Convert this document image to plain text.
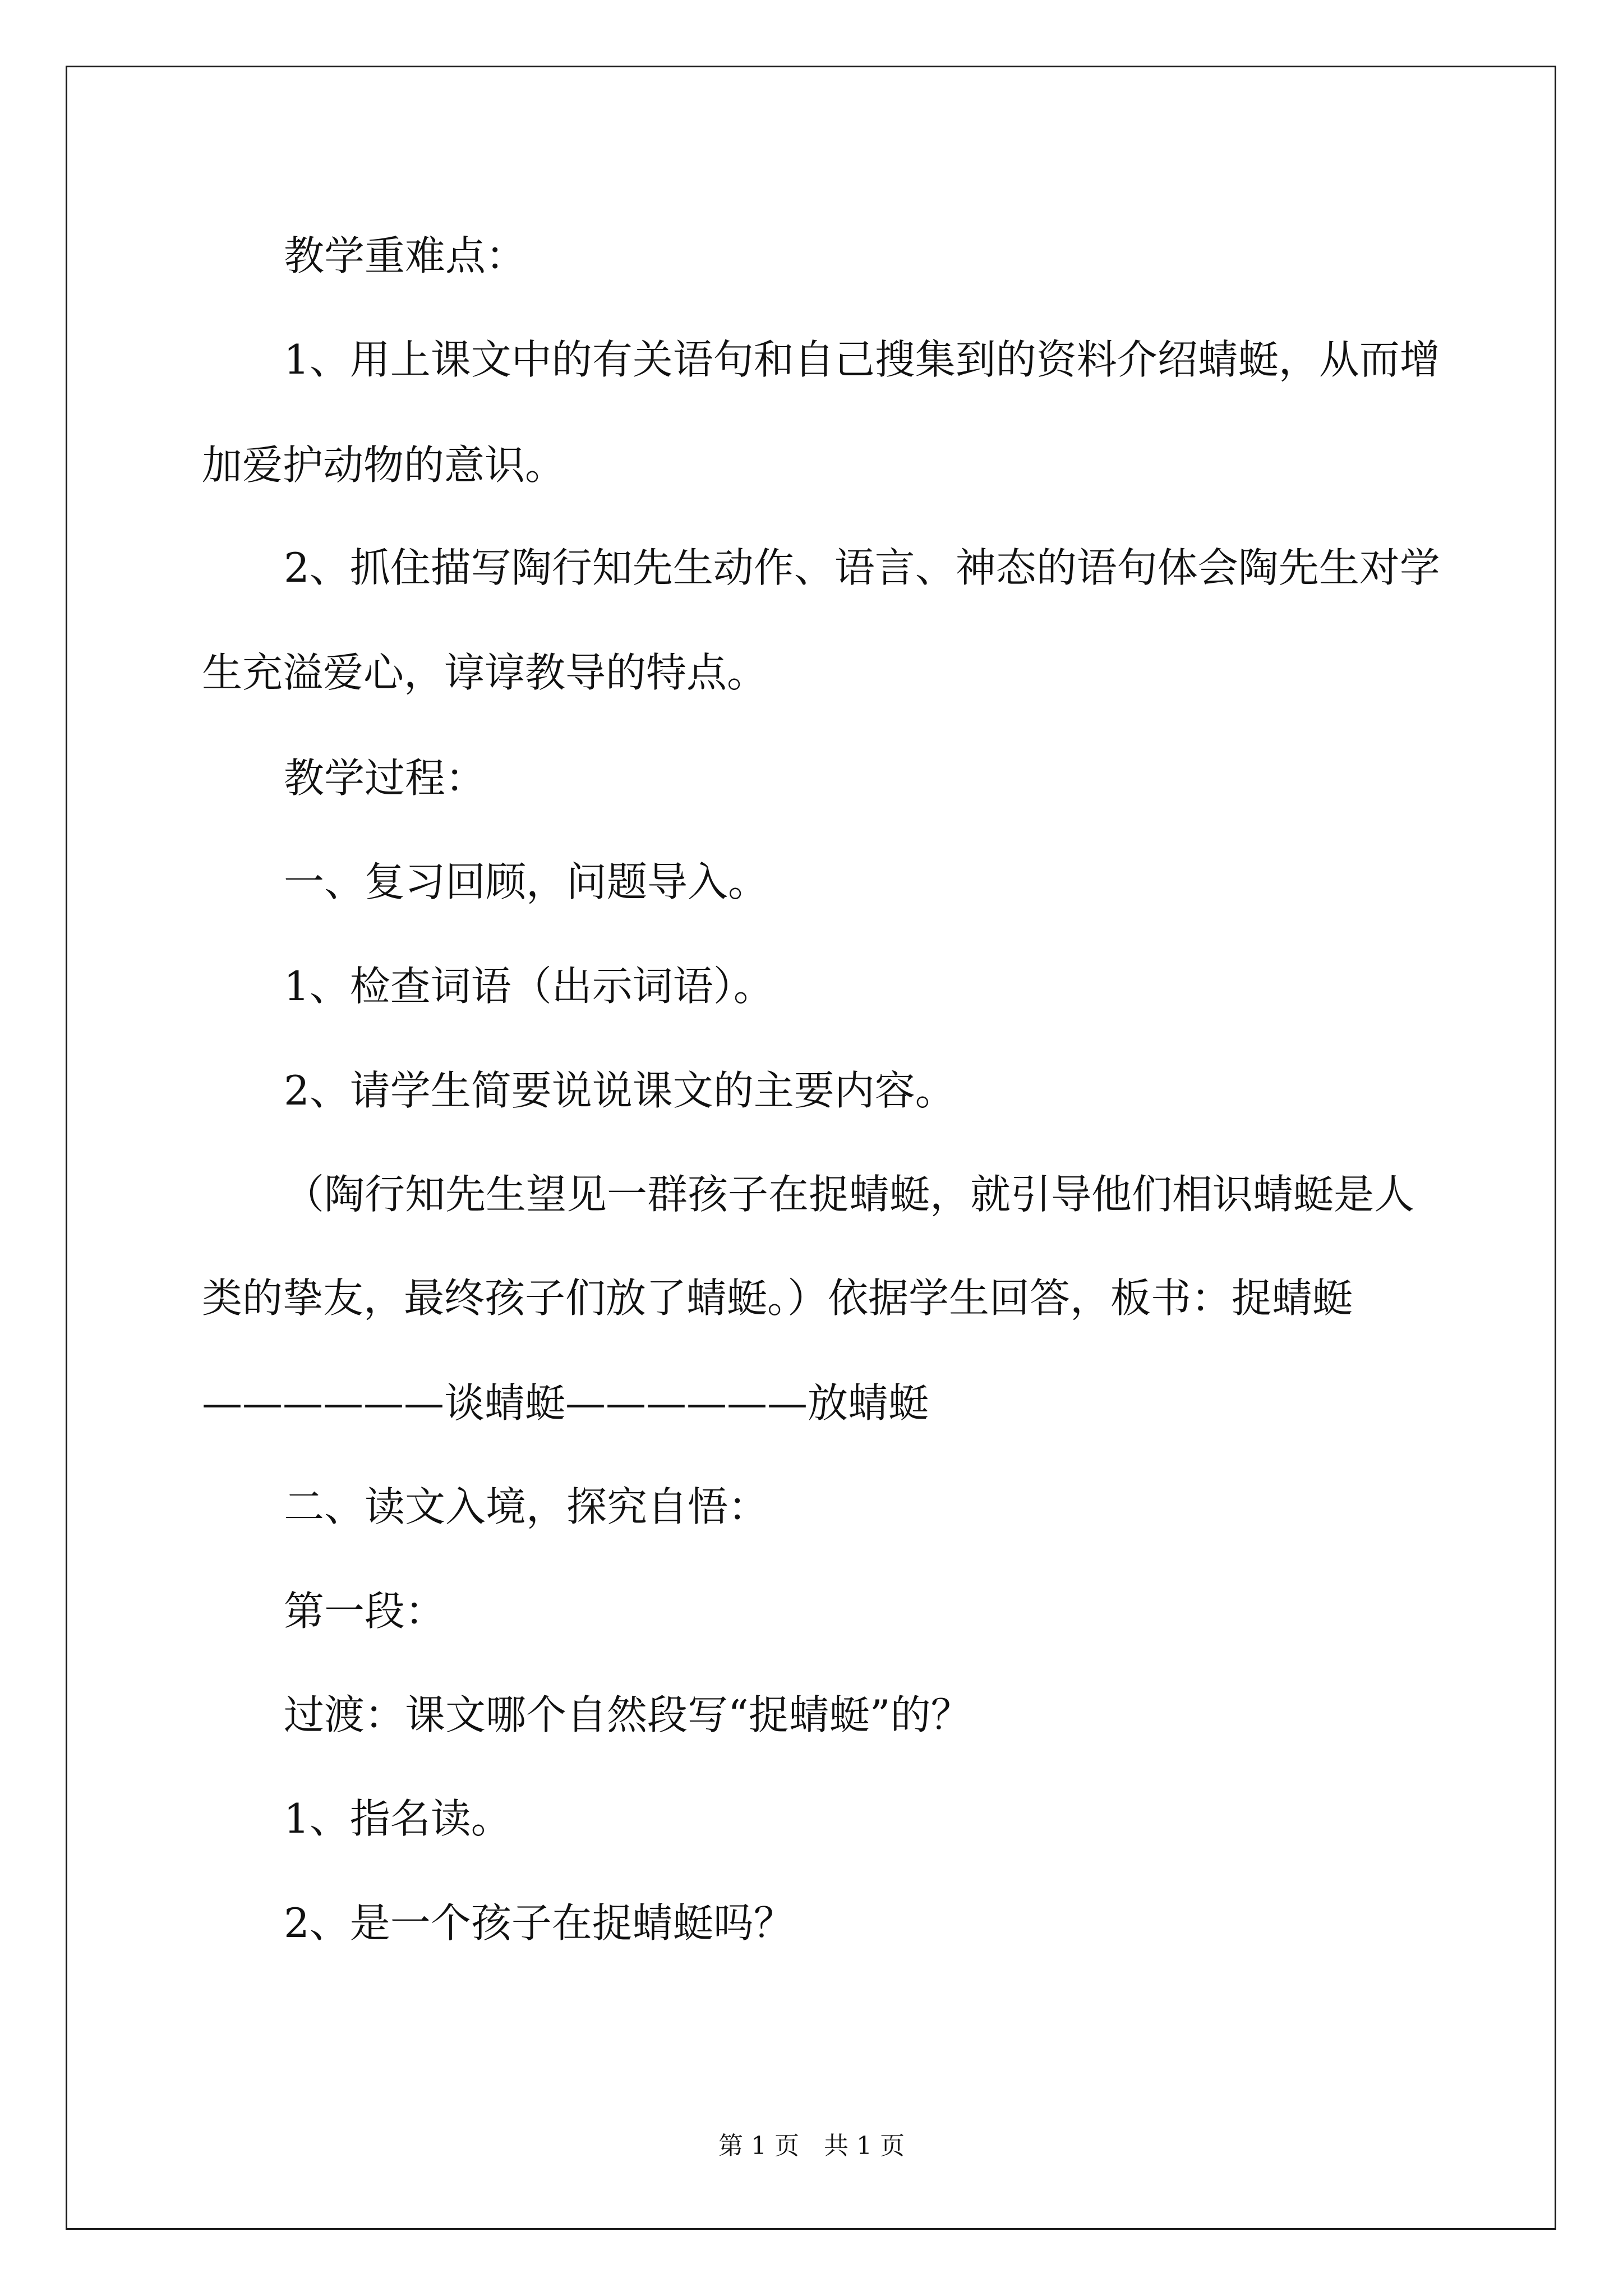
教学重难点：
1、用上课文中的有关语句和自己搜集到的资料介绍蜻蜓，从而增
加爱护动物的意识。
2、抓住描写陶行知先生动作、语言、神态的语句体会陶先生对学
生充溢爱心，谆谆教导的特点。
教学过程：
一、复习回顾，问题导入。
1、检查词语（出示词语）。
2、请学生简要说说课文的主要内容。
（陶行知先生望见一群孩子在捉蜻蜓，就引导他们相识蜻蜓是人
类的挚友，最终孩子们放了蜻蜓。）依据学生回答，板书：捉蜻蜓
——————谈蜻蜓——————放蜻蜓
二、读文入境，探究自悟：
第一段：
过渡：课文哪个自然段写“捉蜻蜓”的？
1、指名读。
2、是一个孩子在捉蜻蜓吗？
第 1 页　共 1 页
